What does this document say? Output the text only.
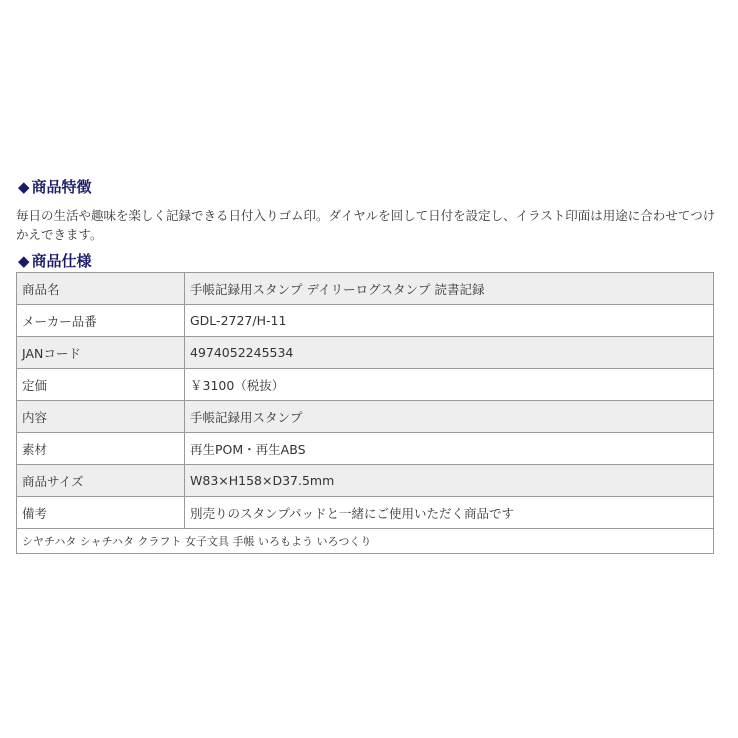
◆ 商品特徴
毎日の生活や趣味を楽しく記録できる日付入りゴム印。ダイヤルを回して日付を設定し、イラスト印面は用途に合わせてつけかえできます。
◆ 商品仕様
商品名	手帳記録用スタンプ デイリーログスタンプ 読書記録
メーカー品番	GDL-2727/H-11
JANコード	4974052245534
定価	￥3100（税抜）
内容	手帳記録用スタンプ
素材	再生POM・再生ABS
商品サイズ	W83×H158×D37.5mm
備考	別売りのスタンプパッドと一緒にご使用いただく商品です
シヤチハタ シャチハタ クラフト 女子文具 手帳 いろもよう いろつくり	
